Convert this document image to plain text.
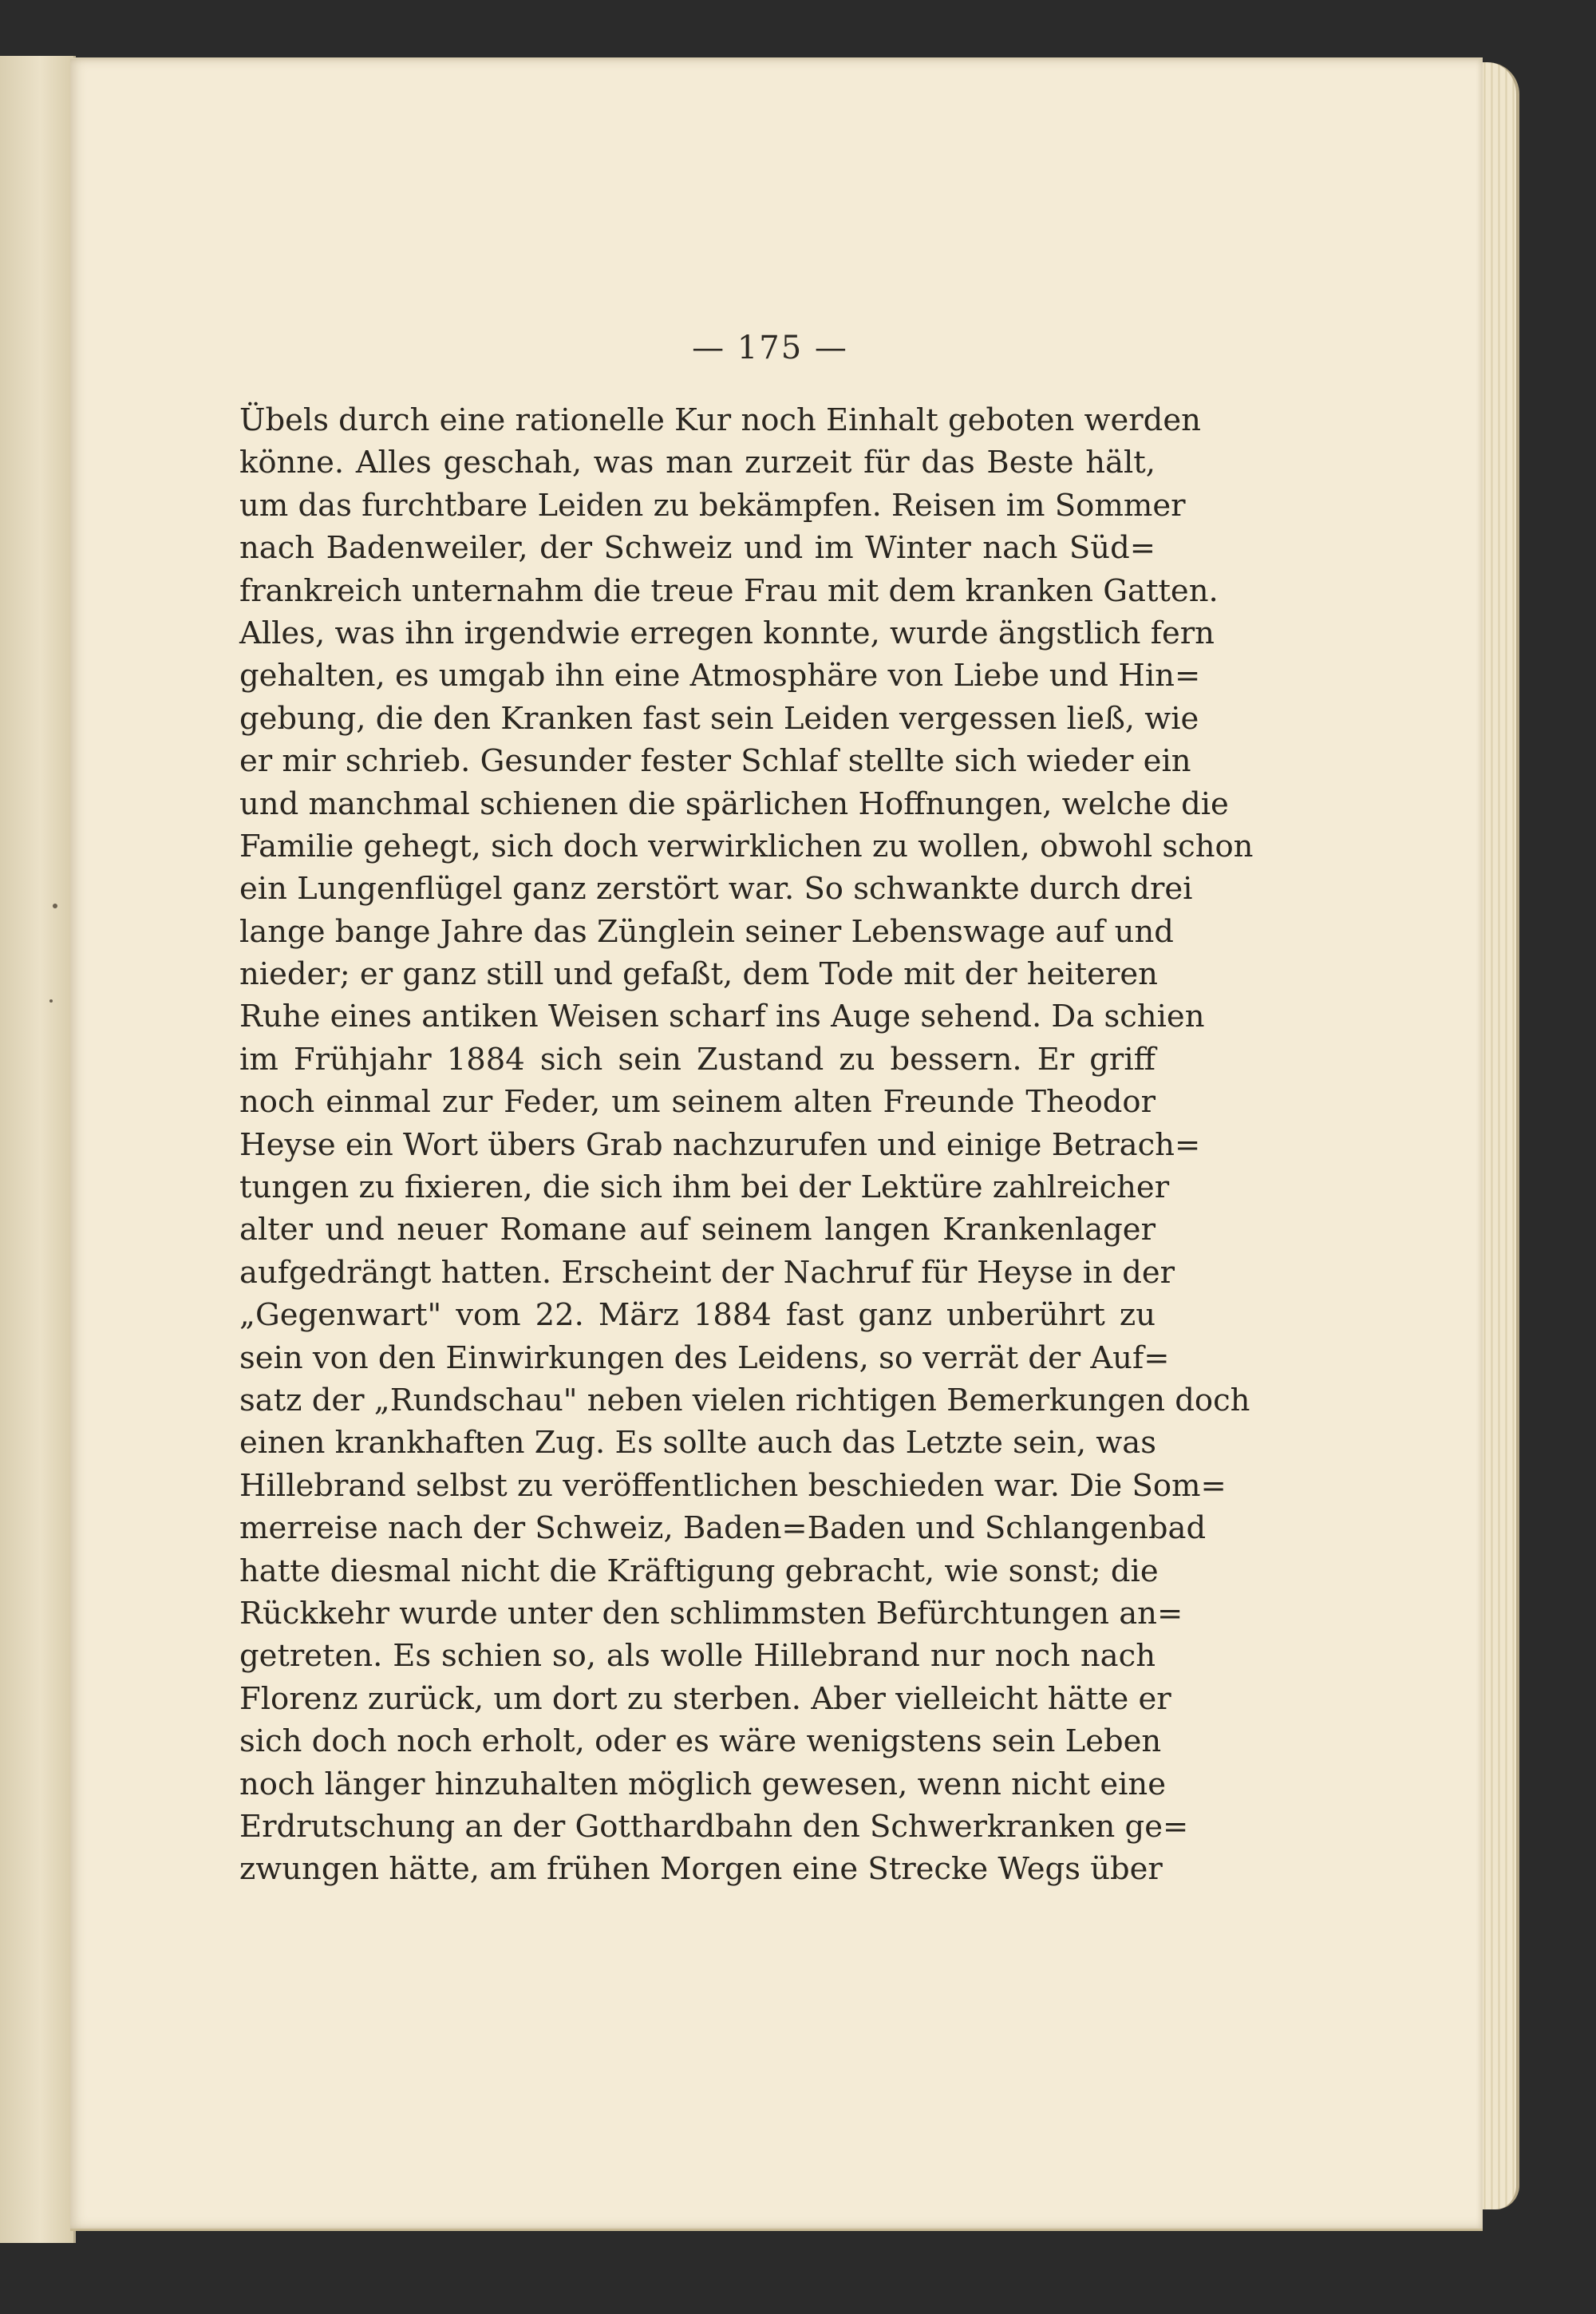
— 175 —
Übels durch eine rationelle Kur noch Einhalt geboten werden
könne. Alles geschah, was man zurzeit für das Beste hält,
um das furchtbare Leiden zu bekämpfen. Reisen im Sommer
nach Badenweiler, der Schweiz und im Winter nach Süd=
frankreich unternahm die treue Frau mit dem kranken Gatten.
Alles, was ihn irgendwie erregen konnte, wurde ängstlich fern
gehalten, es umgab ihn eine Atmosphäre von Liebe und Hin=
gebung, die den Kranken fast sein Leiden vergessen ließ, wie
er mir schrieb. Gesunder fester Schlaf stellte sich wieder ein
und manchmal schienen die spärlichen Hoffnungen, welche die
Familie gehegt, sich doch verwirklichen zu wollen, obwohl schon
ein Lungenflügel ganz zerstört war. So schwankte durch drei
lange bange Jahre das Zünglein seiner Lebenswage auf und
nieder; er ganz still und gefaßt, dem Tode mit der heiteren
Ruhe eines antiken Weisen scharf ins Auge sehend. Da schien
im Frühjahr 1884 sich sein Zustand zu bessern. Er griff
noch einmal zur Feder, um seinem alten Freunde Theodor
Heyse ein Wort übers Grab nachzurufen und einige Betrach=
tungen zu fixieren, die sich ihm bei der Lektüre zahlreicher
alter und neuer Romane auf seinem langen Krankenlager
aufgedrängt hatten. Erscheint der Nachruf für Heyse in der
„Gegenwart" vom 22. März 1884 fast ganz unberührt zu
sein von den Einwirkungen des Leidens, so verrät der Auf=
satz der „Rundschau" neben vielen richtigen Bemerkungen doch
einen krankhaften Zug. Es sollte auch das Letzte sein, was
Hillebrand selbst zu veröffentlichen beschieden war. Die Som=
merreise nach der Schweiz, Baden=Baden und Schlangenbad
hatte diesmal nicht die Kräftigung gebracht, wie sonst; die
Rückkehr wurde unter den schlimmsten Befürchtungen an=
getreten. Es schien so, als wolle Hillebrand nur noch nach
Florenz zurück, um dort zu sterben. Aber vielleicht hätte er
sich doch noch erholt, oder es wäre wenigstens sein Leben
noch länger hinzuhalten möglich gewesen, wenn nicht eine
Erdrutschung an der Gotthardbahn den Schwerkranken ge=
zwungen hätte, am frühen Morgen eine Strecke Wegs über
